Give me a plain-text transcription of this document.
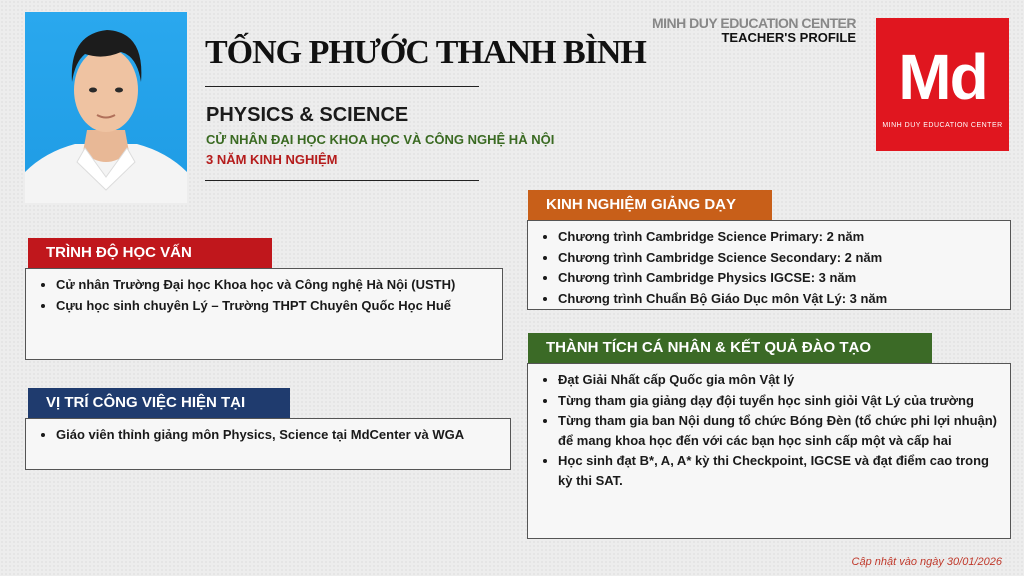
TỐNG PHƯỚC THANH BÌNH
PHYSICS & SCIENCE
CỬ NHÂN ĐẠI HỌC KHOA HỌC VÀ CÔNG NGHỆ HÀ NỘI
3 NĂM KINH NGHIỆM
MINH DUY EDUCATION CENTER
TEACHER'S PROFILE
Md
MINH DUY EDUCATION CENTER
TRÌNH ĐỘ HỌC VẤN
• Cử nhân Trường Đại học Khoa học và Công nghệ Hà Nội (USTH)
• Cựu học sinh chuyên Lý – Trường THPT Chuyên Quốc Học Huế
VỊ TRÍ CÔNG VIỆC HIỆN TẠI
• Giáo viên thỉnh giảng môn Physics, Science tại MdCenter và WGA
KINH NGHIỆM GIẢNG DẠY
• Chương trình Cambridge Science Primary: 2 năm
• Chương trình Cambridge Science Secondary: 2 năm
• Chương trình Cambridge Physics IGCSE: 3 năm
• Chương trình Chuẩn Bộ Giáo Dục môn Vật Lý: 3 năm
THÀNH TÍCH CÁ NHÂN & KẾT QUẢ ĐÀO TẠO
• Đạt Giải Nhất cấp Quốc gia môn Vật lý
• Từng tham gia giảng dạy đội tuyển học sinh giỏi Vật Lý của trường
• Từng tham gia ban Nội dung tổ chức Bóng Đèn (tổ chức phi lợi nhuận) để mang khoa học đến với các bạn học sinh cấp một và cấp hai
• Học sinh đạt B*, A, A* kỳ thi Checkpoint, IGCSE và đạt điểm cao trong kỳ thi SAT.
Cập nhật vào ngày 30/01/2026
